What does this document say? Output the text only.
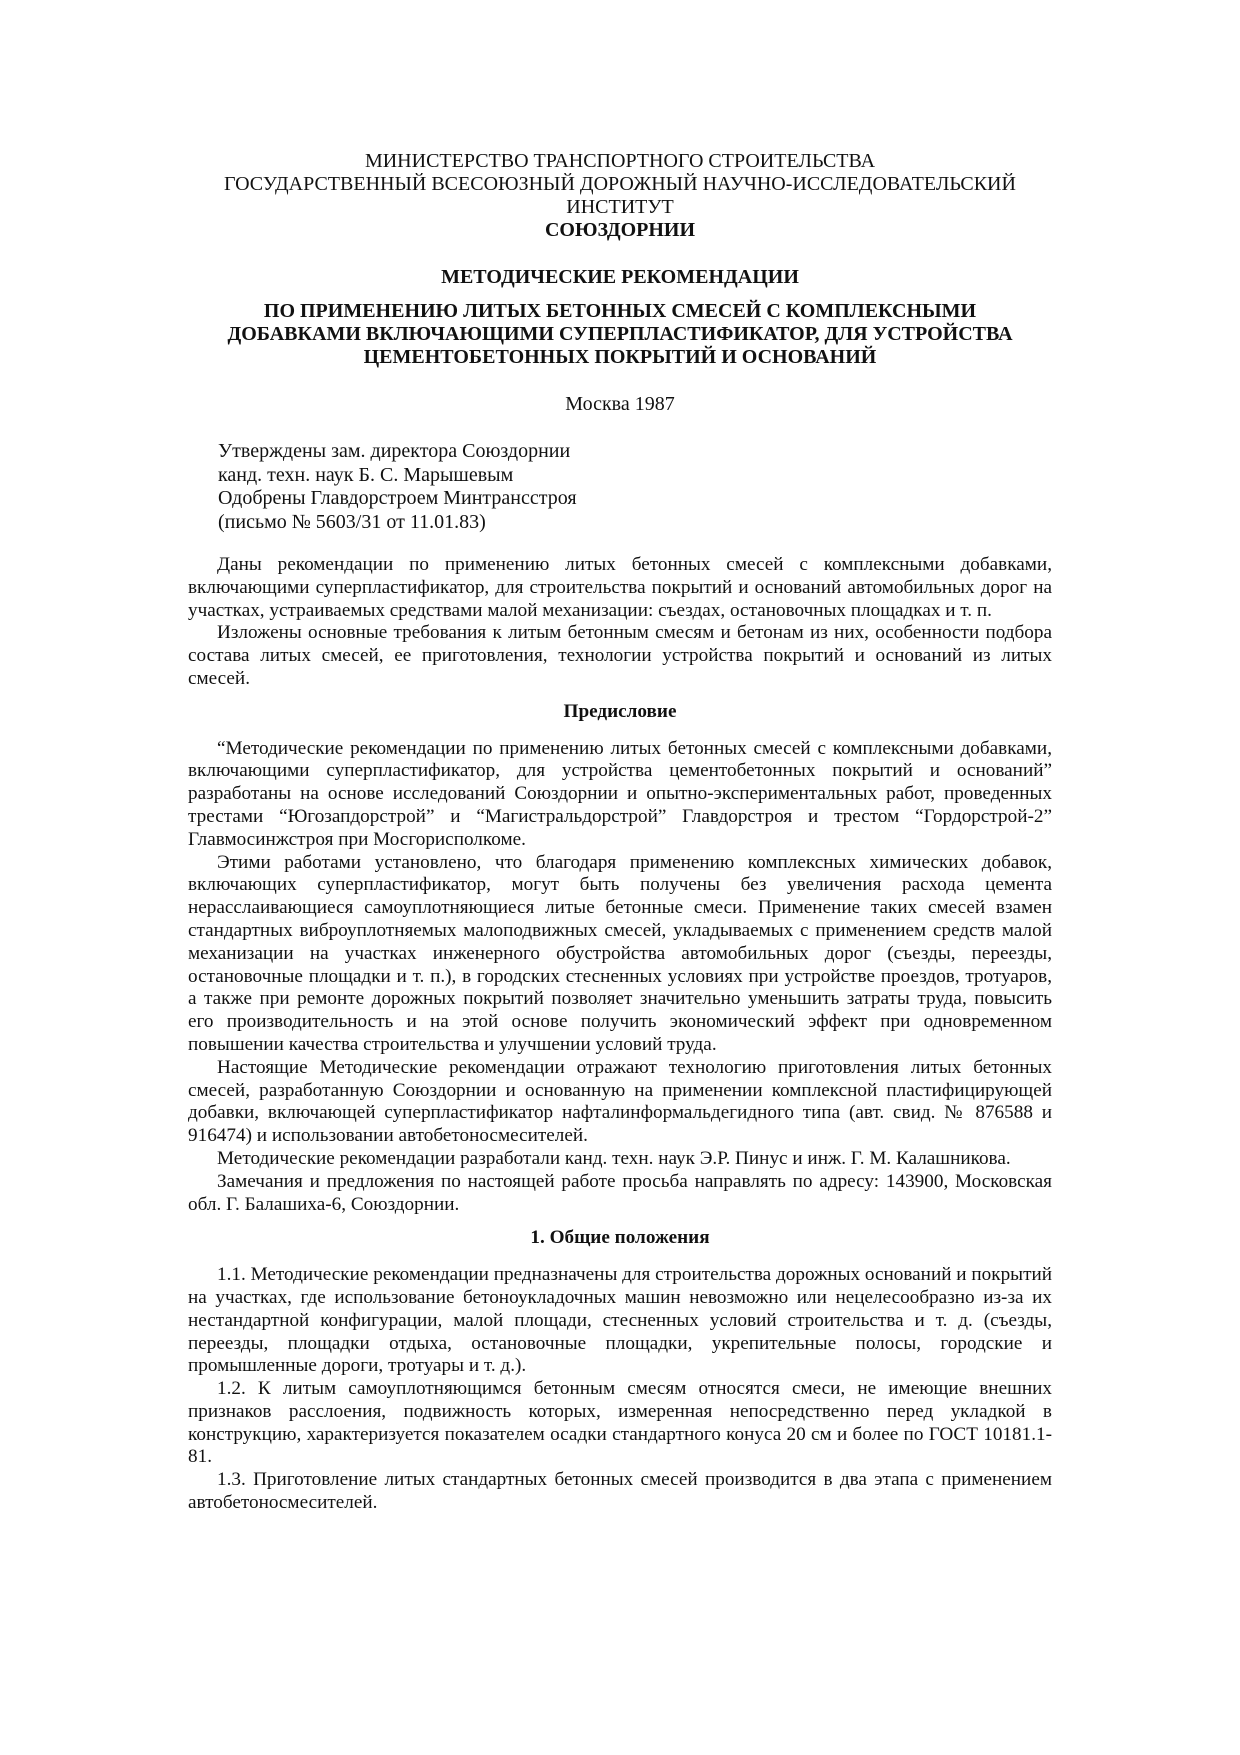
МИНИСТЕРСТВО ТРАНСПОРТНОГО СТРОИТЕЛЬСТВА
ГОСУДАРСТВЕННЫЙ ВСЕСОЮЗНЫЙ ДОРОЖНЫЙ НАУЧНО-ИССЛЕДОВАТЕЛЬСКИЙ
ИНСТИТУТ
СОЮЗДОРНИИ
МЕТОДИЧЕСКИЕ РЕКОМЕНДАЦИИ
ПО ПРИМЕНЕНИЮ ЛИТЫХ БЕТОННЫХ СМЕСЕЙ С КОМПЛЕКСНЫМИ
ДОБАВКАМИ ВКЛЮЧАЮЩИМИ СУПЕРПЛАСТИФИКАТОР, ДЛЯ УСТРОЙСТВА
ЦЕМЕНТОБЕТОННЫХ ПОКРЫТИЙ И ОСНОВАНИЙ
Москва 1987
Утверждены зам. директора Союздорнии
канд. техн. наук Б. С. Марышевым
Одобрены Главдорстроем Минтрансстроя
(письмо № 5603/31 от 11.01.83)

Даны рекомендации по применению литых бетонных смесей с комплексными добавками, включающими суперпластификатор, для строительства покрытий и оснований автомобильных дорог на участках, устраиваемых средствами малой механизации: съездах, остановочных площадках и т. п.

Изложены основные требования к литым бетонным смесям и бетонам из них, особенности подбора состава литых смесей, ее приготовления, технологии устройства покрытий и оснований из литых смесей.

Предисловие

“Методические рекомендации по применению литых бетонных смесей с комплексными добавками, включающими суперпластификатор, для устройства цементобетонных покрытий и оснований” разработаны на основе исследований Союздорнии и опытно-экспериментальных работ, проведенных трестами “Югозапдорстрой” и “Магистральдорстрой” Главдорстроя и трестом “Гордорстрой-2” Главмосинжстроя при Мосгорисполкоме.

Этими работами установлено, что благодаря применению комплексных химических добавок, включающих суперпластификатор, могут быть получены без увеличения расхода цемента нерасслаивающиеся самоуплотняющиеся литые бетонные смеси. Применение таких смесей взамен стандартных виброуплотняемых малоподвижных смесей, укладываемых с применением средств малой механизации на участках инженерного обустройства автомобильных дорог (съезды, переезды, остановочные площадки и т. п.), в городских стесненных условиях при устройстве проездов, тротуаров, а также при ремонте дорожных покрытий позволяет значительно уменьшить затраты труда, повысить его производительность и на этой основе получить экономический эффект при одновременном повышении качества строительства и улучшении условий труда.

Настоящие Методические рекомендации отражают технологию приготовления литых бетонных смесей, разработанную Союздорнии и основанную на применении комплексной пластифицирующей добавки, включающей суперпластификатор нафталинформальдегидного типа (авт. свид. № 876588 и 916474) и использовании автобетоносмесителей.

Методические рекомендации разработали канд. техн. наук Э.Р. Пинус и инж. Г. М. Калашникова.

Замечания и предложения по настоящей работе просьба направлять по адресу: 143900, Московская обл. Г. Балашиха-6, Союздорнии.

1. Общие положения

1.1. Методические рекомендации предназначены для строительства дорожных оснований и покрытий на участках, где использование бетоноукладочных машин невозможно или нецелесообразно из-за их нестандартной конфигурации, малой площади, стесненных условий строительства и т. д. (съезды, переезды, площадки отдыха, остановочные площадки, укрепительные полосы, городские и промышленные дороги, тротуары и т. д.).

1.2. К литым самоуплотняющимся бетонным смесям относятся смеси, не имеющие внешних признаков расслоения, подвижность которых, измеренная непосредственно перед укладкой в конструкцию, характеризуется показателем осадки стандартного конуса 20 см и более по ГОСТ 10181.1-81.

1.3. Приготовление литых стандартных бетонных смесей производится в два этапа с применением автобетоносмесителей.
